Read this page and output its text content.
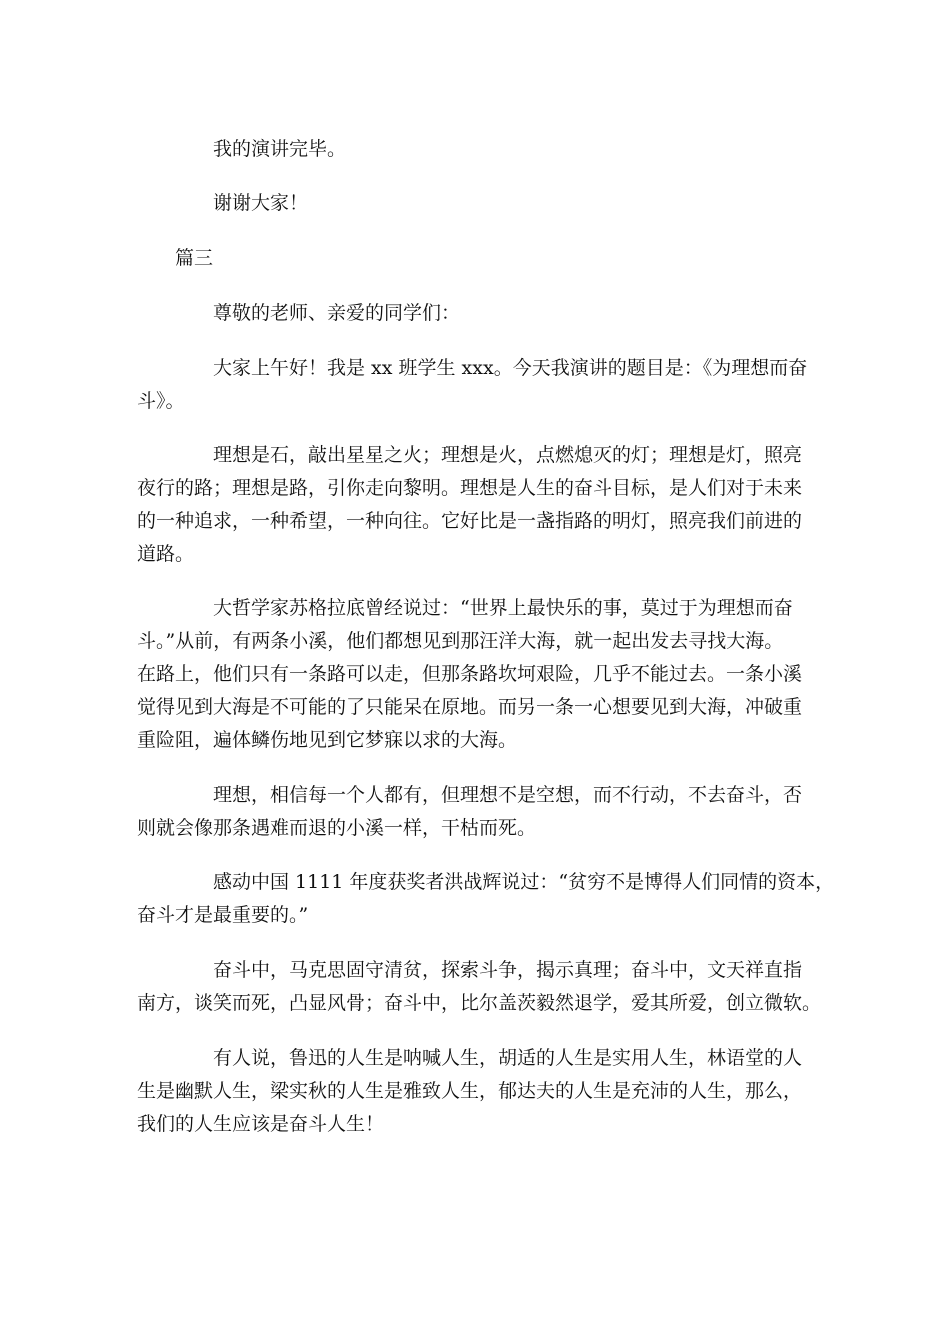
我的演讲完毕。

谢谢大家！

篇三

尊敬的老师、亲爱的同学们：

大家上午好！我是 xx 班学生 xxx。今天我演讲的题目是：《为理想而奋
斗》。

理想是石，敲出星星之火；理想是火，点燃熄灭的灯；理想是灯，照亮
夜行的路；理想是路，引你走向黎明。理想是人生的奋斗目标，是人们对于未来
的一种追求，一种希望，一种向往。它好比是一盏指路的明灯，照亮我们前进的
道路。

大哲学家苏格拉底曾经说过：“世界上最快乐的事，莫过于为理想而奋
斗。”从前，有两条小溪，他们都想见到那汪洋大海，就一起出发去寻找大海。
在路上，他们只有一条路可以走，但那条路坎坷艰险，几乎不能过去。一条小溪
觉得见到大海是不可能的了只能呆在原地。而另一条一心想要见到大海，冲破重
重险阻，遍体鳞伤地见到它梦寐以求的大海。

理想，相信每一个人都有，但理想不是空想，而不行动，不去奋斗，否
则就会像那条遇难而退的小溪一样，干枯而死。

感动中国 1111 年度获奖者洪战辉说过：“贫穷不是博得人们同情的资本，
奋斗才是最重要的。”

奋斗中，马克思固守清贫，探索斗争，揭示真理；奋斗中，文天祥直指
南方，谈笑而死，凸显风骨；奋斗中，比尔盖茨毅然退学，爱其所爱，创立微软。

有人说，鲁迅的人生是呐喊人生，胡适的人生是实用人生，林语堂的人
生是幽默人生，梁实秋的人生是雅致人生，郁达夫的人生是充沛的人生，那么，
我们的人生应该是奋斗人生！
